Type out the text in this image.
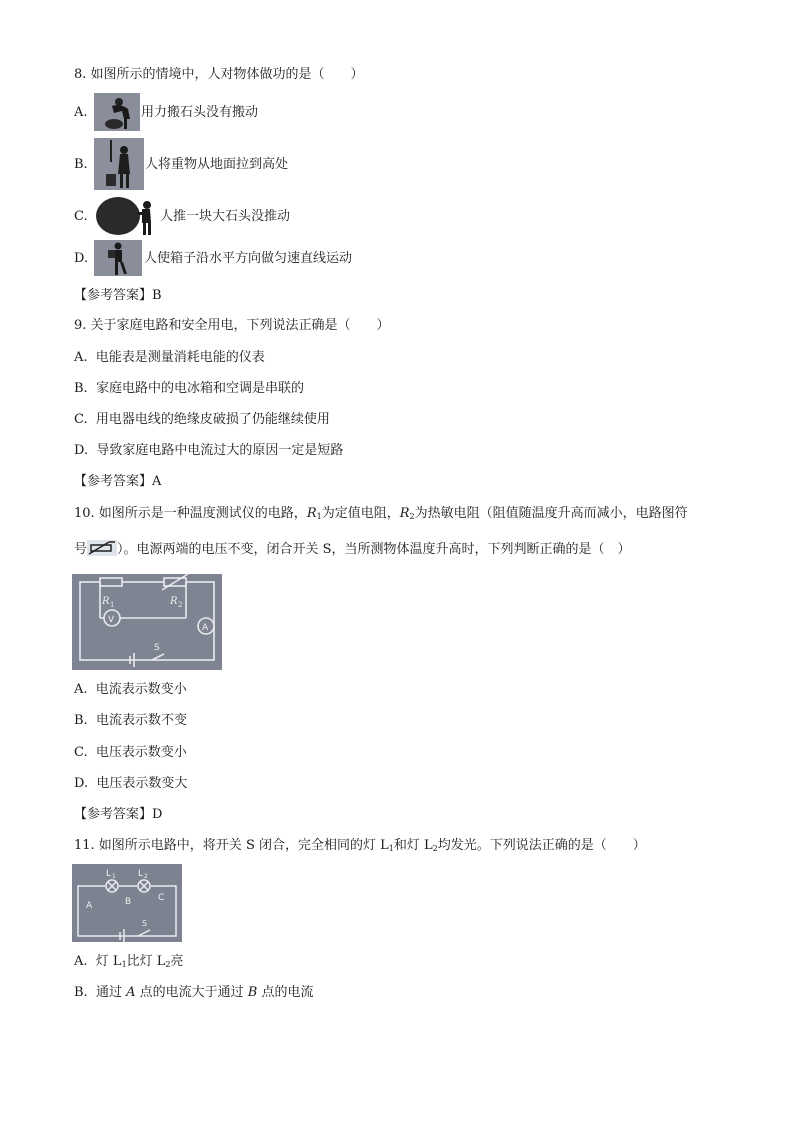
8. 如图所示的情境中，人对物体做功的是（　　）
A.	用力搬石头没有搬动
B.	人将重物从地面拉到高处
C.	人推一块大石头没推动
D.	人使箱子沿水平方向做匀速直线运动
【参考答案】B
9. 关于家庭电路和安全用电，下列说法正确是（　　）
A. 电能表是测量消耗电能的仪表
B. 家庭电路中的电冰箱和空调是串联的
C. 用电器电线的绝缘皮破损了仍能继续使用
D. 导致家庭电路中电流过大的原因一定是短路
【参考答案】A
10. 如图所示是一种温度测试仪的电路，$R_1$为定值电阻，$R_2$为热敏电阻（阻值随温度升高而减小，电路图符
号 ）。电源两端的电压不变，闭合开关 S，当所测物体温度升高时，下列判断正确的是（　）
R 1	R 2
V
A
S
A. 电流表示数变小
B. 电流表示数不变
C. 电压表示数变小
D. 电压表示数变大
【参考答案】D
11. 如图所示电路中，将开关 S 闭合，完全相同的灯 $L_1$和灯 $L_2$均发光。下列说法正确的是（　　）
L 1 L 2
A	B	C
S
A. 灯 $L_1$比灯 $L_2$亮
B. 通过 A 点的电流大于通过 B 点的电流
